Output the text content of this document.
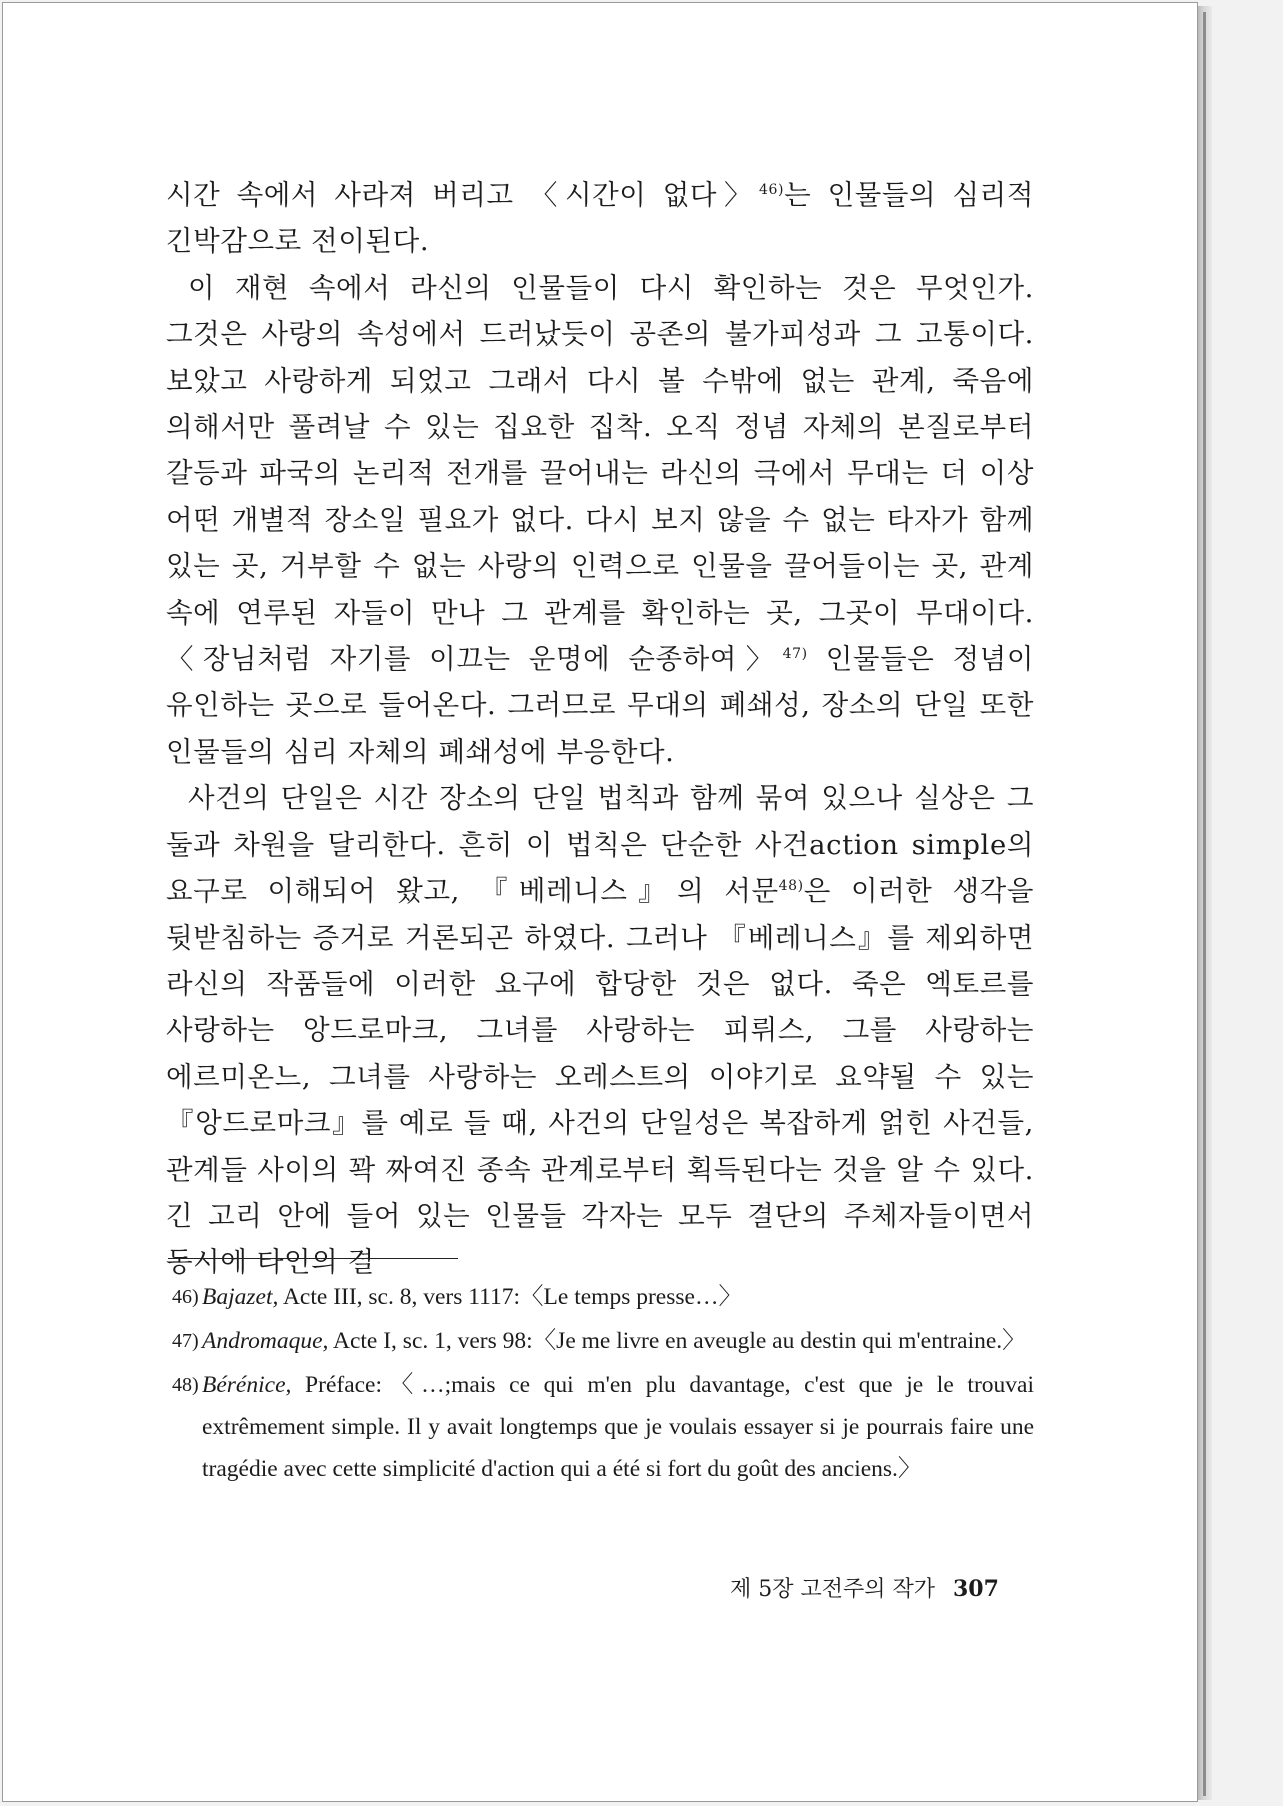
시간 속에서 사라져 버리고 〈시간이 없다〉$^{46)}$는 인물들의 심리적 긴박감으로 전이된다.

이 재현 속에서 라신의 인물들이 다시 확인하는 것은 무엇인가. 그것은 사랑의 속성에서 드러났듯이 공존의 불가피성과 그 고통이다. 보았고 사랑하게 되었고 그래서 다시 볼 수밖에 없는 관계, 죽음에 의해서만 풀려날 수 있는 집요한 집착. 오직 정념 자체의 본질로부터 갈등과 파국의 논리적 전개를 끌어내는 라신의 극에서 무대는 더 이상 어떤 개별적 장소일 필요가 없다. 다시 보지 않을 수 없는 타자가 함께 있는 곳, 거부할 수 없는 사랑의 인력으로 인물을 끌어들이는 곳, 관계 속에 연루된 자들이 만나 그 관계를 확인하는 곳, 그곳이 무대이다. 〈장님처럼 자기를 이끄는 운명에 순종하여〉$^{47)}$ 인물들은 정념이 유인하는 곳으로 들어온다. 그러므로 무대의 폐쇄성, 장소의 단일 또한 인물들의 심리 자체의 폐쇄성에 부응한다.

사건의 단일은 시간 장소의 단일 법칙과 함께 묶여 있으나 실상은 그 둘과 차원을 달리한다. 흔히 이 법칙은 단순한 사건action simple의 요구로 이해되어 왔고, 『베레니스』의 서문$^{48)}$은 이러한 생각을 뒷받침하는 증거로 거론되곤 하였다. 그러나 『베레니스』를 제외하면 라신의 작품들에 이러한 요구에 합당한 것은 없다. 죽은 엑토르를 사랑하는 앙드로마크, 그녀를 사랑하는 피뤼스, 그를 사랑하는 에르미온느, 그녀를 사랑하는 오레스트의 이야기로 요약될 수 있는 『앙드로마크』를 예로 들 때, 사건의 단일성은 복잡하게 얽힌 사건들, 관계들 사이의 꽉 짜여진 종속 관계로부터 획득된다는 것을 알 수 있다. 긴 고리 안에 들어 있는 인물들 각자는 모두 결단의 주체자들이면서 동시에 타인의 결

46) Bajazet, Acte III, sc. 8, vers 1117:〈Le temps presse…〉
47) Andromaque, Acte I, sc. 1, vers 98:〈Je me livre en aveugle au destin qui m'entraine.〉
48) Bérénice, Préface:〈…;mais ce qui m'en plu davantage, c'est que je le trouvai extrêmement simple. Il y avait longtemps que je voulais essayer si je pourrais faire une tragédie avec cette simplicité d'action qui a été si fort du goût des anciens.〉
제 5장 고전주의 작가 307
